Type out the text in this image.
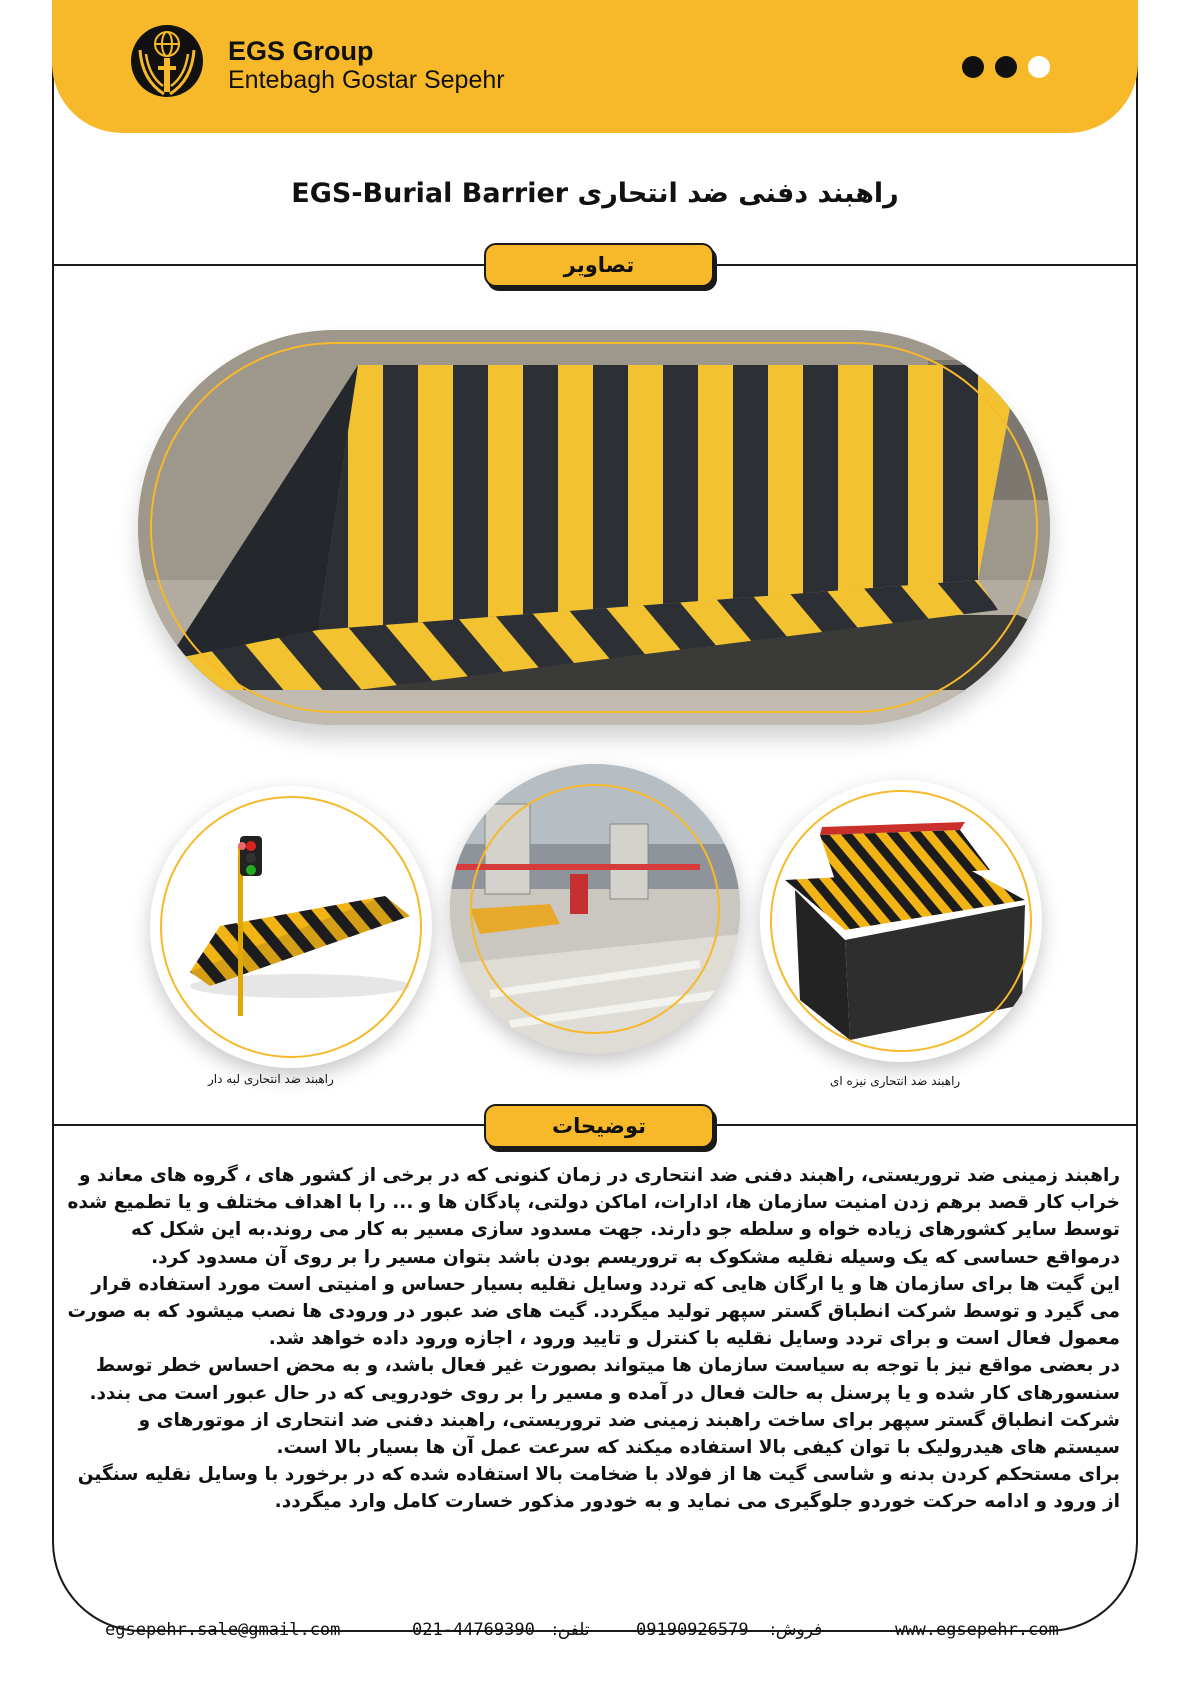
EGS Group
Entebagh Gostar Sepehr
راهبند دفنی ضد انتحاری EGS-Burial Barrier
تصاویر
راهبند ضد انتحاری لبه دار	راهبند ضد انتحاری نیزه ای
توضیحات

راهبند زمینی ضد تروریستی، راهبند دفنی ضد انتحاری در زمان کنونی که در برخی از کشور های ، گروه های معاند و خراب کار قصد برهم زدن امنیت سازمان ها، ادارات، اماکن دولتی، پادگان ها و ... را با اهداف مختلف و یا تطمیع شده توسط سایر کشورهای زیاده خواه و سلطه جو دارند. جهت مسدود سازی مسیر به کار می روند.به این شکل که درمواقع حساسی که یک وسیله نقلیه مشکوک به تروریسم بودن باشد بتوان مسیر را بر روی آن مسدود کرد.

این گیت ها برای سازمان ها و یا ارگان هایی که تردد وسایل نقلیه بسیار حساس و امنیتی است مورد استفاده قرار می گیرد و توسط شرکت انطباق گستر سپهر تولید میگردد. گیت های ضد عبور در ورودی ها نصب میشود که به صورت معمول فعال است و برای تردد وسایل نقلیه با کنترل و تایید ورود ، اجازه ورود داده خواهد شد.

در بعضی مواقع نیز با توجه به سیاست سازمان ها میتواند بصورت غیر فعال باشد، و به محض احساس خطر توسط سنسورهای کار شده و یا پرسنل به حالت فعال در آمده و مسیر را بر روی خودرویی که در حال عبور است می بندد.

شرکت انطباق گستر سپهر برای ساخت راهبند زمینی ضد تروریستی، راهبند دفنی ضد انتحاری از موتورهای و سیستم های هیدرولیک با توان کیفی بالا استفاده میکند که سرعت عمل آن ها بسیار بالا است.

برای مستحکم کردن بدنه و شاسی گیت ها از فولاد با ضخامت بالا استفاده شده که در برخورد با وسایل نقلیه سنگین از ورود و ادامه حرکت خوردو جلوگیری می نماید و به خودور مذکور خسارت کامل وارد میگردد.

egsepehr.sale@gmail.com	021-44769390 تلفن:	09190926579 فروش:	www.egsepehr.com
